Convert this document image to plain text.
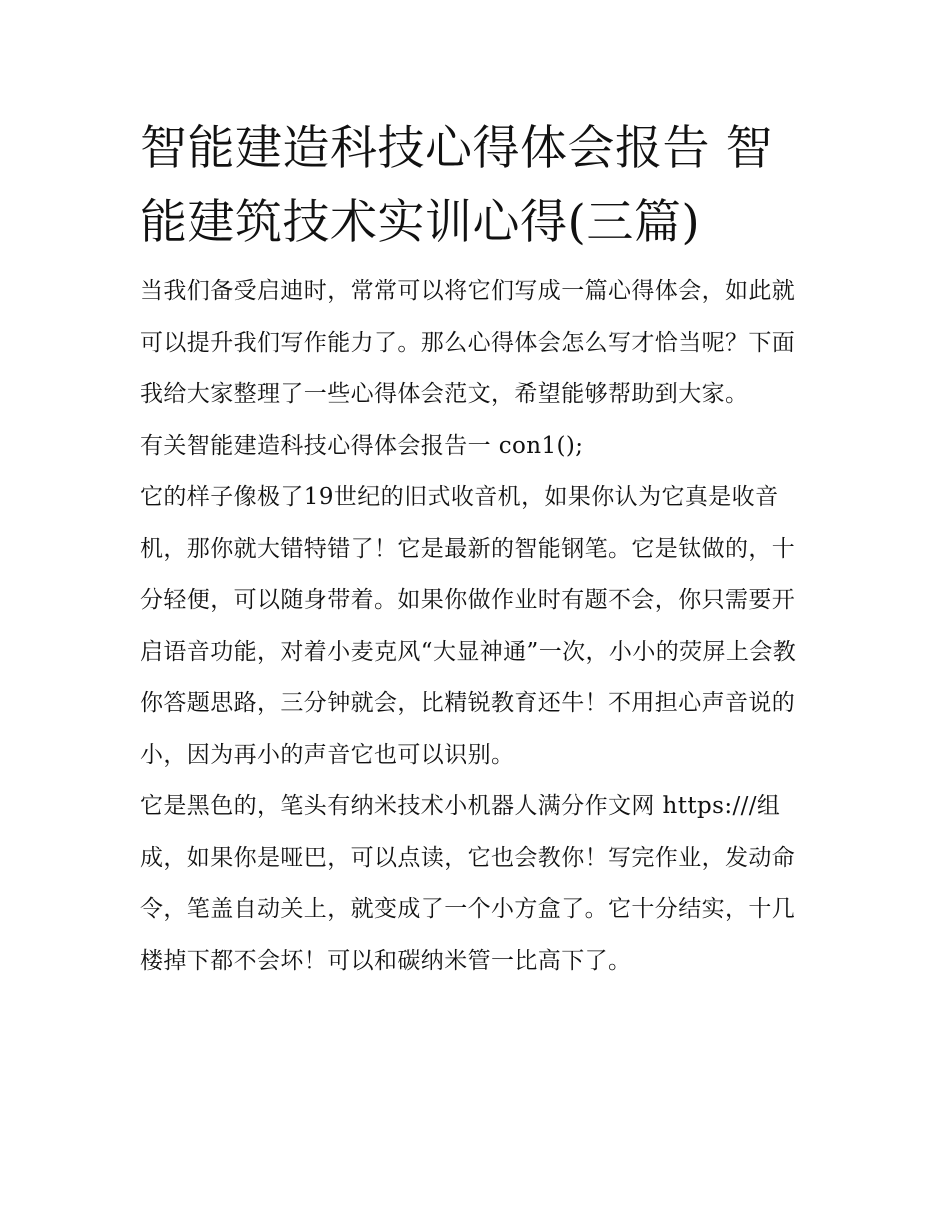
智能建造科技心得体会报告 智能建筑技术实训心得(三篇)

当我们备受启迪时，常常可以将它们写成一篇心得体会，如此就可以提升我们写作能力了。那么心得体会怎么写才恰当呢？下面我给大家整理了一些心得体会范文，希望能够帮助到大家。

有关智能建造科技心得体会报告一 con1();

它的样子像极了19世纪的旧式收音机，如果你认为它真是收音机，那你就大错特错了！它是最新的智能钢笔。它是钛做的，十分轻便，可以随身带着。如果你做作业时有题不会，你只需要开启语音功能，对着小麦克风“大显神通”一次，小小的荧屏上会教你答题思路，三分钟就会，比精锐教育还牛！不用担心声音说的小，因为再小的声音它也可以识别。

它是黑色的，笔头有纳米技术小机器人满分作文网 https:///组成，如果你是哑巴，可以点读，它也会教你！写完作业，发动命令，笔盖自动关上，就变成了一个小方盒了。它十分结实，十几楼掉下都不会坏！可以和碳纳米管一比高下了。
